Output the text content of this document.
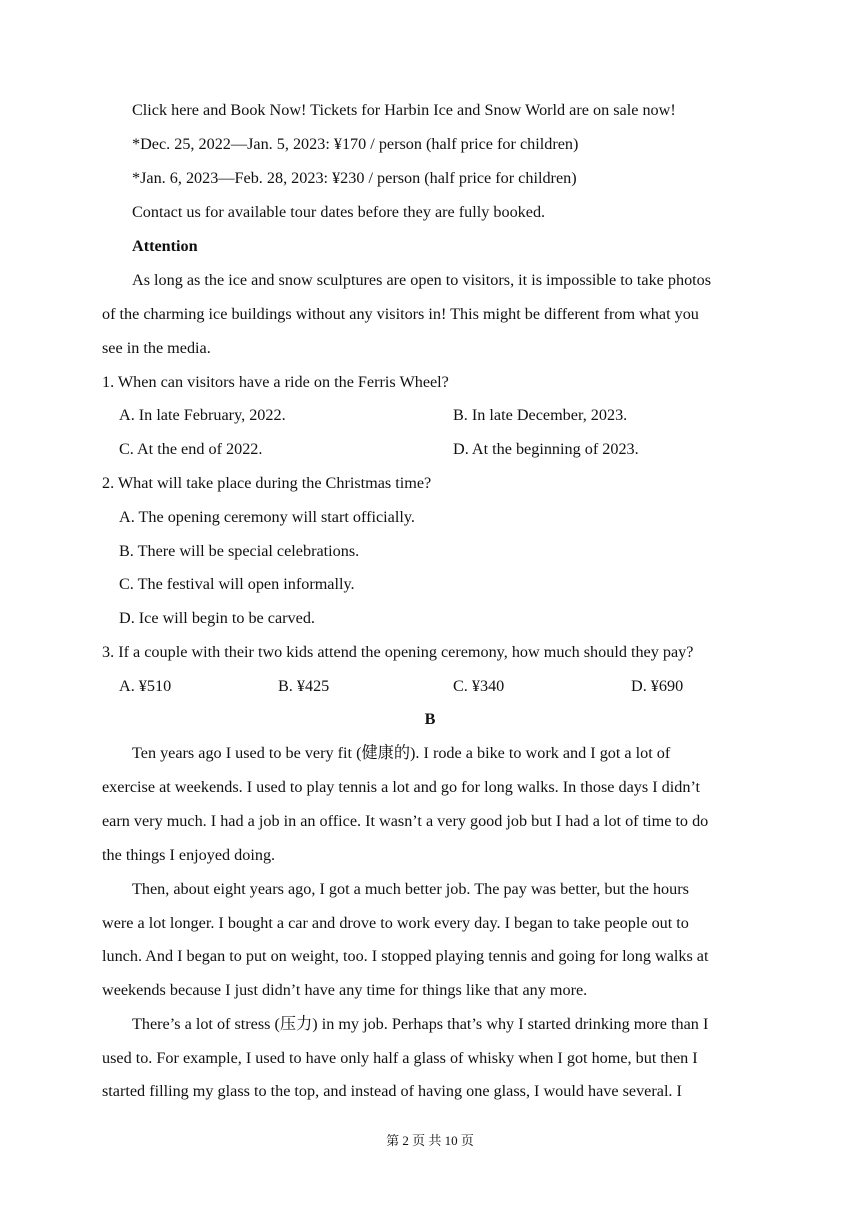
Click here and Book Now! Tickets for Harbin Ice and Snow World are on sale now!
*Dec. 25, 2022—Jan. 5, 2023: ¥170 / person (half price for children)
*Jan. 6, 2023—Feb. 28, 2023: ¥230 / person (half price for children)
Contact us for available tour dates before they are fully booked.
Attention
As long as the ice and snow sculptures are open to visitors, it is impossible to take photos
of the charming ice buildings without any visitors in! This might be different from what you
see in the media.
1. When can visitors have a ride on the Ferris Wheel?
A. In late February, 2022.	B. In late December, 2023.
C. At the end of 2022.	D. At the beginning of 2023.
2. What will take place during the Christmas time?
A. The opening ceremony will start officially.
B. There will be special celebrations.
C. The festival will open informally.
D. Ice will begin to be carved.
3. If a couple with their two kids attend the opening ceremony, how much should they pay?
A. ¥510	B. ¥425	C. ¥340	D. ¥690
B
Ten years ago I used to be very fit (健康的). I rode a bike to work and I got a lot of
exercise at weekends. I used to play tennis a lot and go for long walks. In those days I didn’t
earn very much. I had a job in an office. It wasn’t a very good job but I had a lot of time to do
the things I enjoyed doing.
Then, about eight years ago, I got a much better job. The pay was better, but the hours
were a lot longer. I bought a car and drove to work every day. I began to take people out to
lunch. And I began to put on weight, too. I stopped playing tennis and going for long walks at
weekends because I just didn’t have any time for things like that any more.
There’s a lot of stress (压力) in my job. Perhaps that’s why I started drinking more than I
used to. For example, I used to have only half a glass of whisky when I got home, but then I
started filling my glass to the top, and instead of having one glass, I would have several. I
第 2 页 共 10 页
